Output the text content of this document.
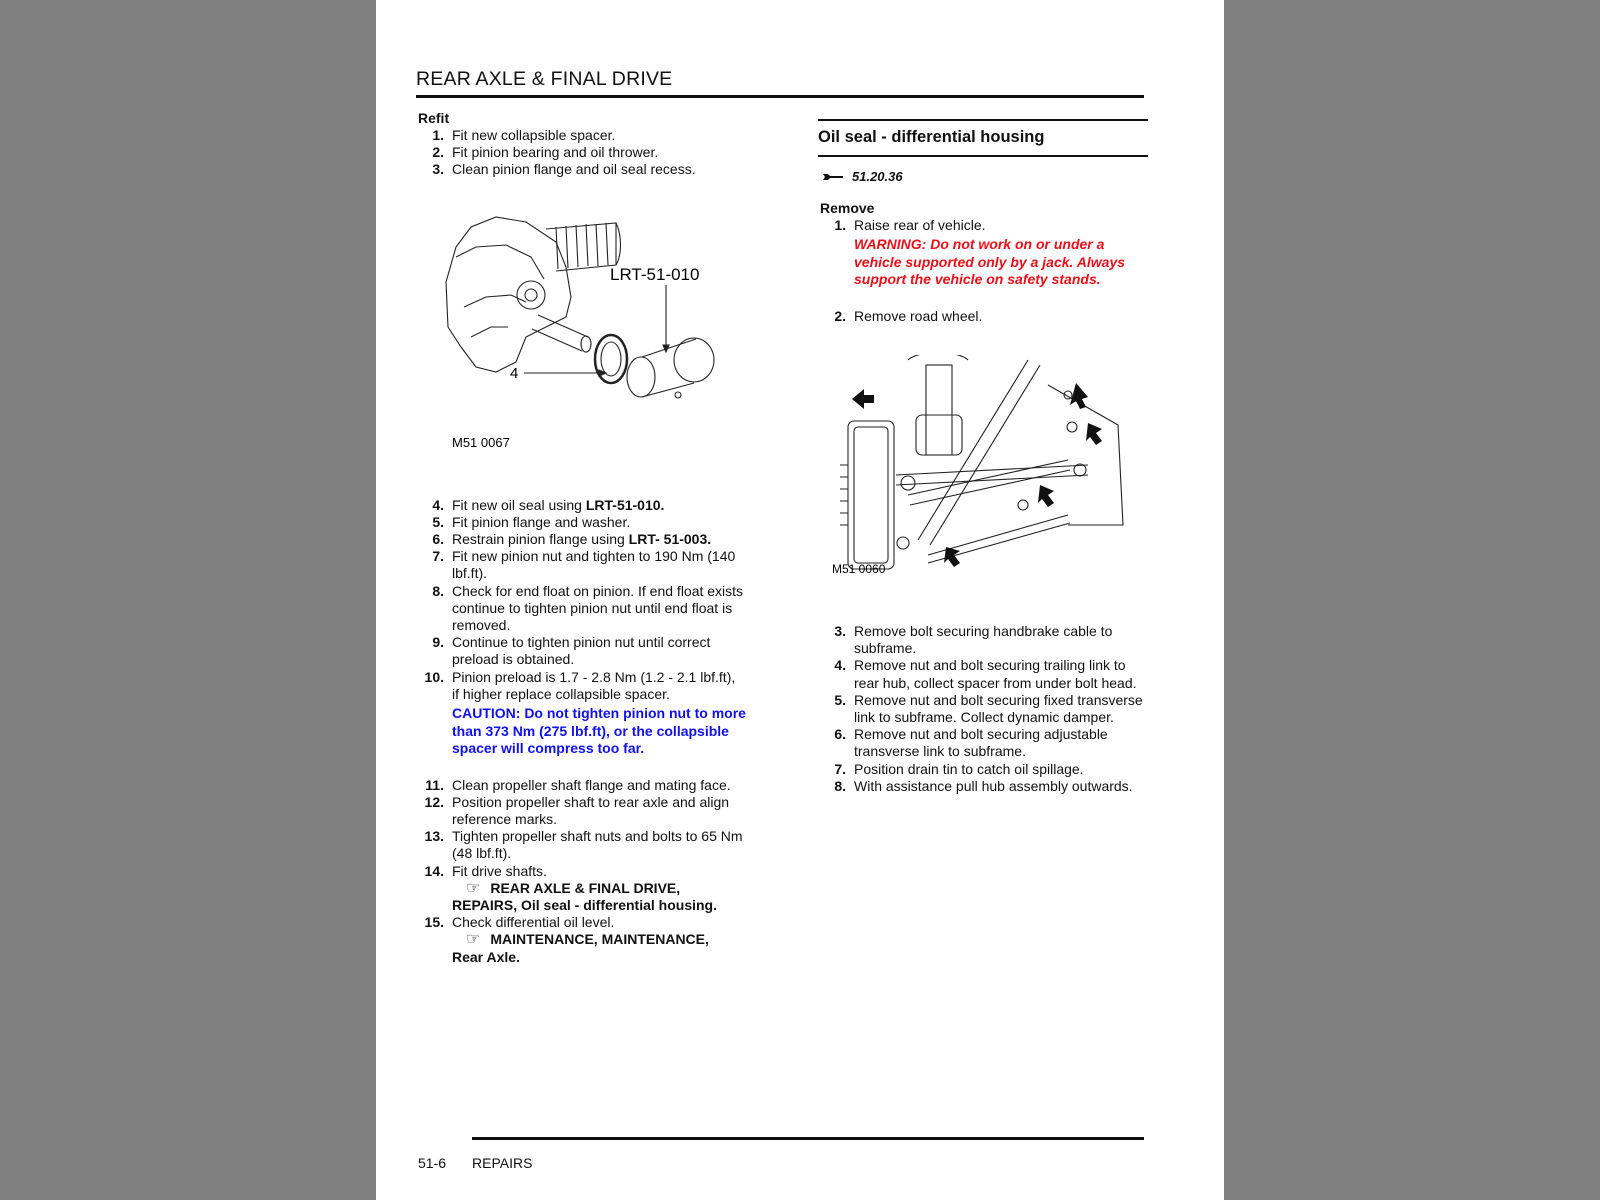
REAR AXLE & FINAL DRIVE
Refit
1. Fit new collapsible spacer.
2. Fit pinion bearing and oil thrower.
3. Clean pinion flange and oil seal recess.
LRT-51-010
4
M51 0067
4. Fit new oil seal using LRT-51-010.
5. Fit pinion flange and washer.
6. Restrain pinion flange using LRT- 51-003.
7. Fit new pinion nut and tighten to 190 Nm (140 lbf.ft).
8. Check for end float on pinion. If end float exists continue to tighten pinion nut until end float is removed.
9. Continue to tighten pinion nut until correct preload is obtained.
10. Pinion preload is 1.7 - 2.8 Nm (1.2 - 2.1 lbf.ft), if higher replace collapsible spacer.
CAUTION: Do not tighten pinion nut to more than 373 Nm (275 lbf.ft), or the collapsible spacer will compress too far.
11. Clean propeller shaft flange and mating face.
12. Position propeller shaft to rear axle and align reference marks.
13. Tighten propeller shaft nuts and bolts to 65 Nm (48 lbf.ft).
14. Fit drive shafts.
☞ REAR AXLE & FINAL DRIVE,
REPAIRS, Oil seal - differential housing.
15. Check differential oil level.
☞ MAINTENANCE, MAINTENANCE,
Rear Axle.
Oil seal - differential housing
51.20.36
Remove
1. Raise rear of vehicle.
WARNING: Do not work on or under a vehicle supported only by a jack. Always support the vehicle on safety stands.
2. Remove road wheel.
M51 0060
3. Remove bolt securing handbrake cable to subframe.
4. Remove nut and bolt securing trailing link to rear hub, collect spacer from under bolt head.
5. Remove nut and bolt securing fixed transverse link to subframe. Collect dynamic damper.
6. Remove nut and bolt securing adjustable transverse link to subframe.
7. Position drain tin to catch oil spillage.
8. With assistance pull hub assembly outwards.
51-6 REPAIRS
